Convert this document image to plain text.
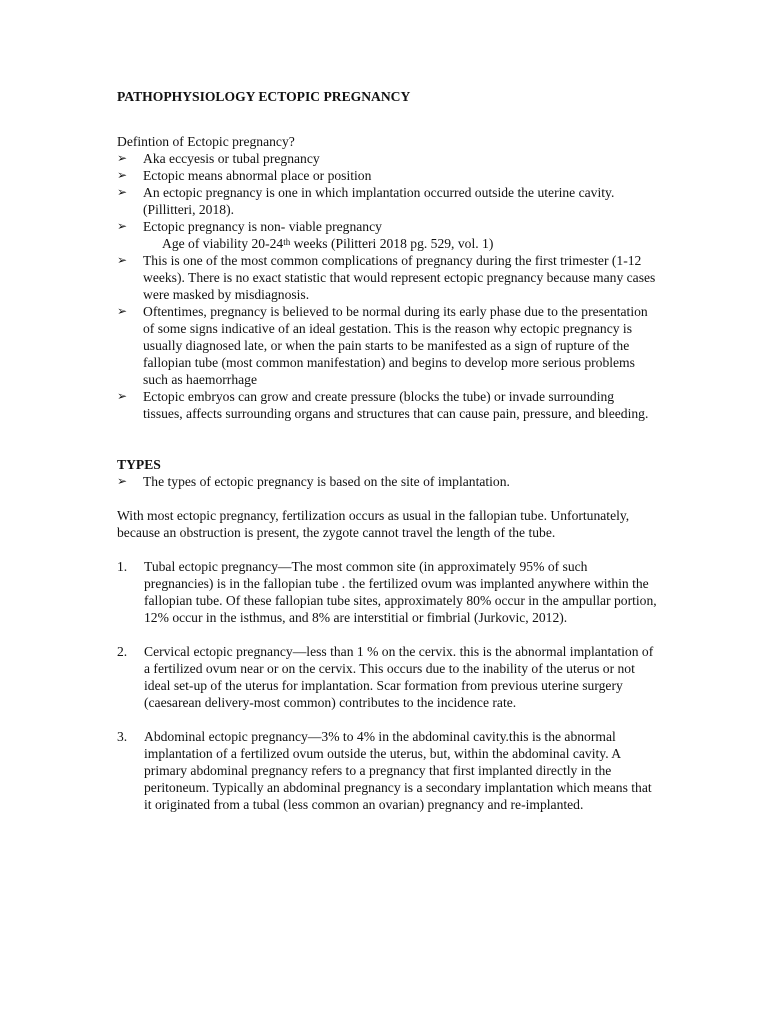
PATHOPHYSIOLOGY ECTOPIC PREGNANCY

Defintion of Ectopic pregnancy?
➢ Aka eccyesis or tubal pregnancy
➢ Ectopic means abnormal place or position
➢ An ectopic pregnancy is one in which implantation occurred outside the uterine cavity. (Pillitteri, 2018).
➢ Ectopic pregnancy is non- viable pregnancy
Age of viability 20-24th weeks (Pilitteri 2018 pg. 529, vol. 1)
➢ This is one of the most common complications of pregnancy during the first trimester (1-12 weeks). There is no exact statistic that would represent ectopic pregnancy because many cases were masked by misdiagnosis.
➢ Oftentimes, pregnancy is believed to be normal during its early phase due to the presentation of some signs indicative of an ideal gestation. This is the reason why ectopic pregnancy is usually diagnosed late, or when the pain starts to be manifested as a sign of rupture of the fallopian tube (most common manifestation) and begins to develop more serious problems such as haemorrhage
➢ Ectopic embryos can grow and create pressure (blocks the tube) or invade surrounding tissues, affects surrounding organs and structures that can cause pain, pressure, and bleeding.
TYPES
➢ The types of ectopic pregnancy is based on the site of implantation.
With most ectopic pregnancy, fertilization occurs as usual in the fallopian tube. Unfortunately, because an obstruction is present, the zygote cannot travel the length of the tube.
1. Tubal ectopic pregnancy—The most common site (in approximately 95% of such pregnancies) is in the fallopian tube . the fertilized ovum was implanted anywhere within the fallopian tube. Of these fallopian tube sites, approximately 80% occur in the ampullar portion, 12% occur in the isthmus, and 8% are interstitial or fimbrial (Jurkovic, 2012).
2. Cervical ectopic pregnancy—less than 1 % on the cervix. this is the abnormal implantation of a fertilized ovum near or on the cervix. This occurs due to the inability of the uterus or not ideal set-up of the uterus for implantation. Scar formation from previous uterine surgery (caesarean delivery-most common) contributes to the incidence rate.
3. Abdominal ectopic pregnancy—3% to 4% in the abdominal cavity.this is the abnormal implantation of a fertilized ovum outside the uterus, but, within the abdominal cavity. A primary abdominal pregnancy refers to a pregnancy that first implanted directly in the peritoneum. Typically an abdominal pregnancy is a secondary implantation which means that it originated from a tubal (less common an ovarian) pregnancy and re-implanted.
